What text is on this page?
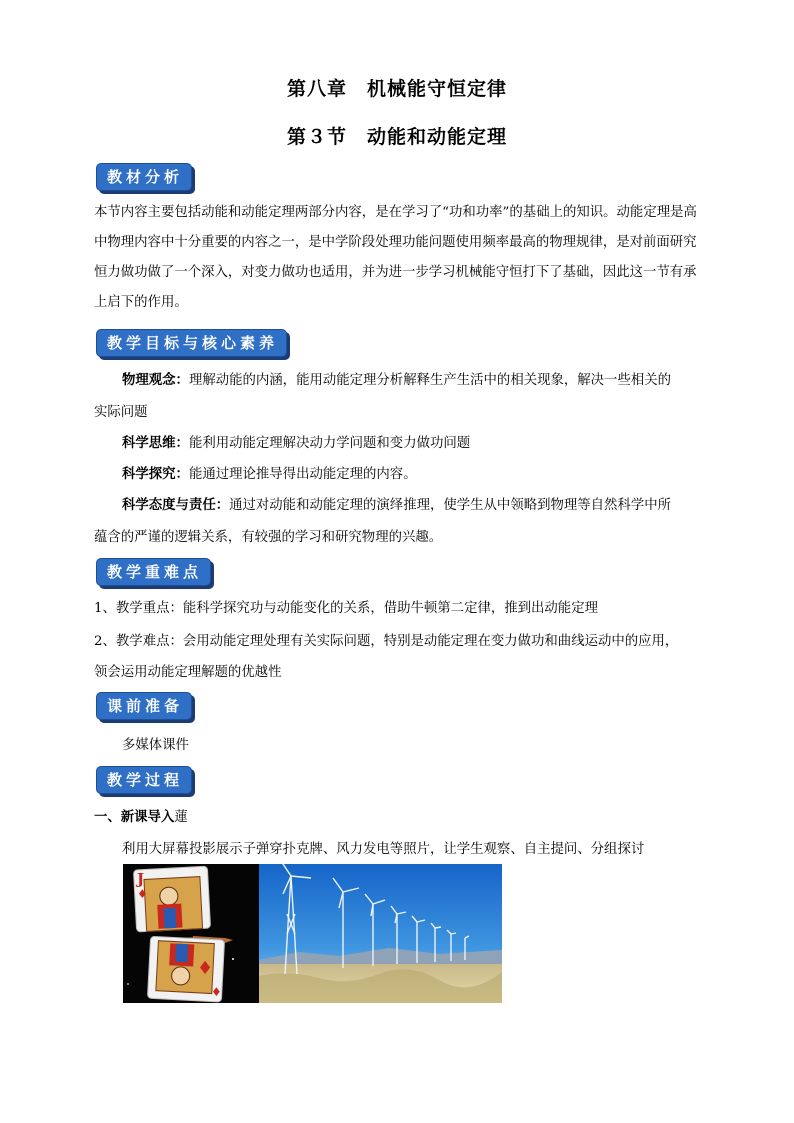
第八章　机械能守恒定律
第３节　动能和动能定理
教材分析
本节内容主要包括动能和动能定理两部分内容，是在学习了“功和功率”的基础上的知识。动能定理是高中物理内容中十分重要的内容之一，是中学阶段处理功能问题使用频率最高的物理规律，是对前面研究恒力做功做了一个深入，对变力做功也适用，并为进一步学习机械能守恒打下了基础，因此这一节有承上启下的作用。
教学目标与核心素养
物理观念：理解动能的内涵，能用动能定理分析解释生产生活中的相关现象，解决一些相关的
实际问题
科学思维：能利用动能定理解决动力学问题和变力做功问题
科学探究：能通过理论推导得出动能定理的内容。
科学态度与责任：通过对动能和动能定理的演绎推理，使学生从中领略到物理等自然科学中所
蕴含的严谨的逻辑关系，有较强的学习和研究物理的兴趣。
教学重难点
1、教学重点：能科学探究功与动能变化的关系，借助牛顿第二定律，推到出动能定理
2、教学难点：会用动能定理处理有关实际问题，特别是动能定理在变力做功和曲线运动中的应用，
领会运用动能定理解题的优越性
课前准备
多媒体课件
教学过程
一、新课导入蓮
利用大屏幕投影展示子弹穿扑克牌、风力发电等照片，让学生观察、自主提问、分组探讨
J
♦
♦
♦
